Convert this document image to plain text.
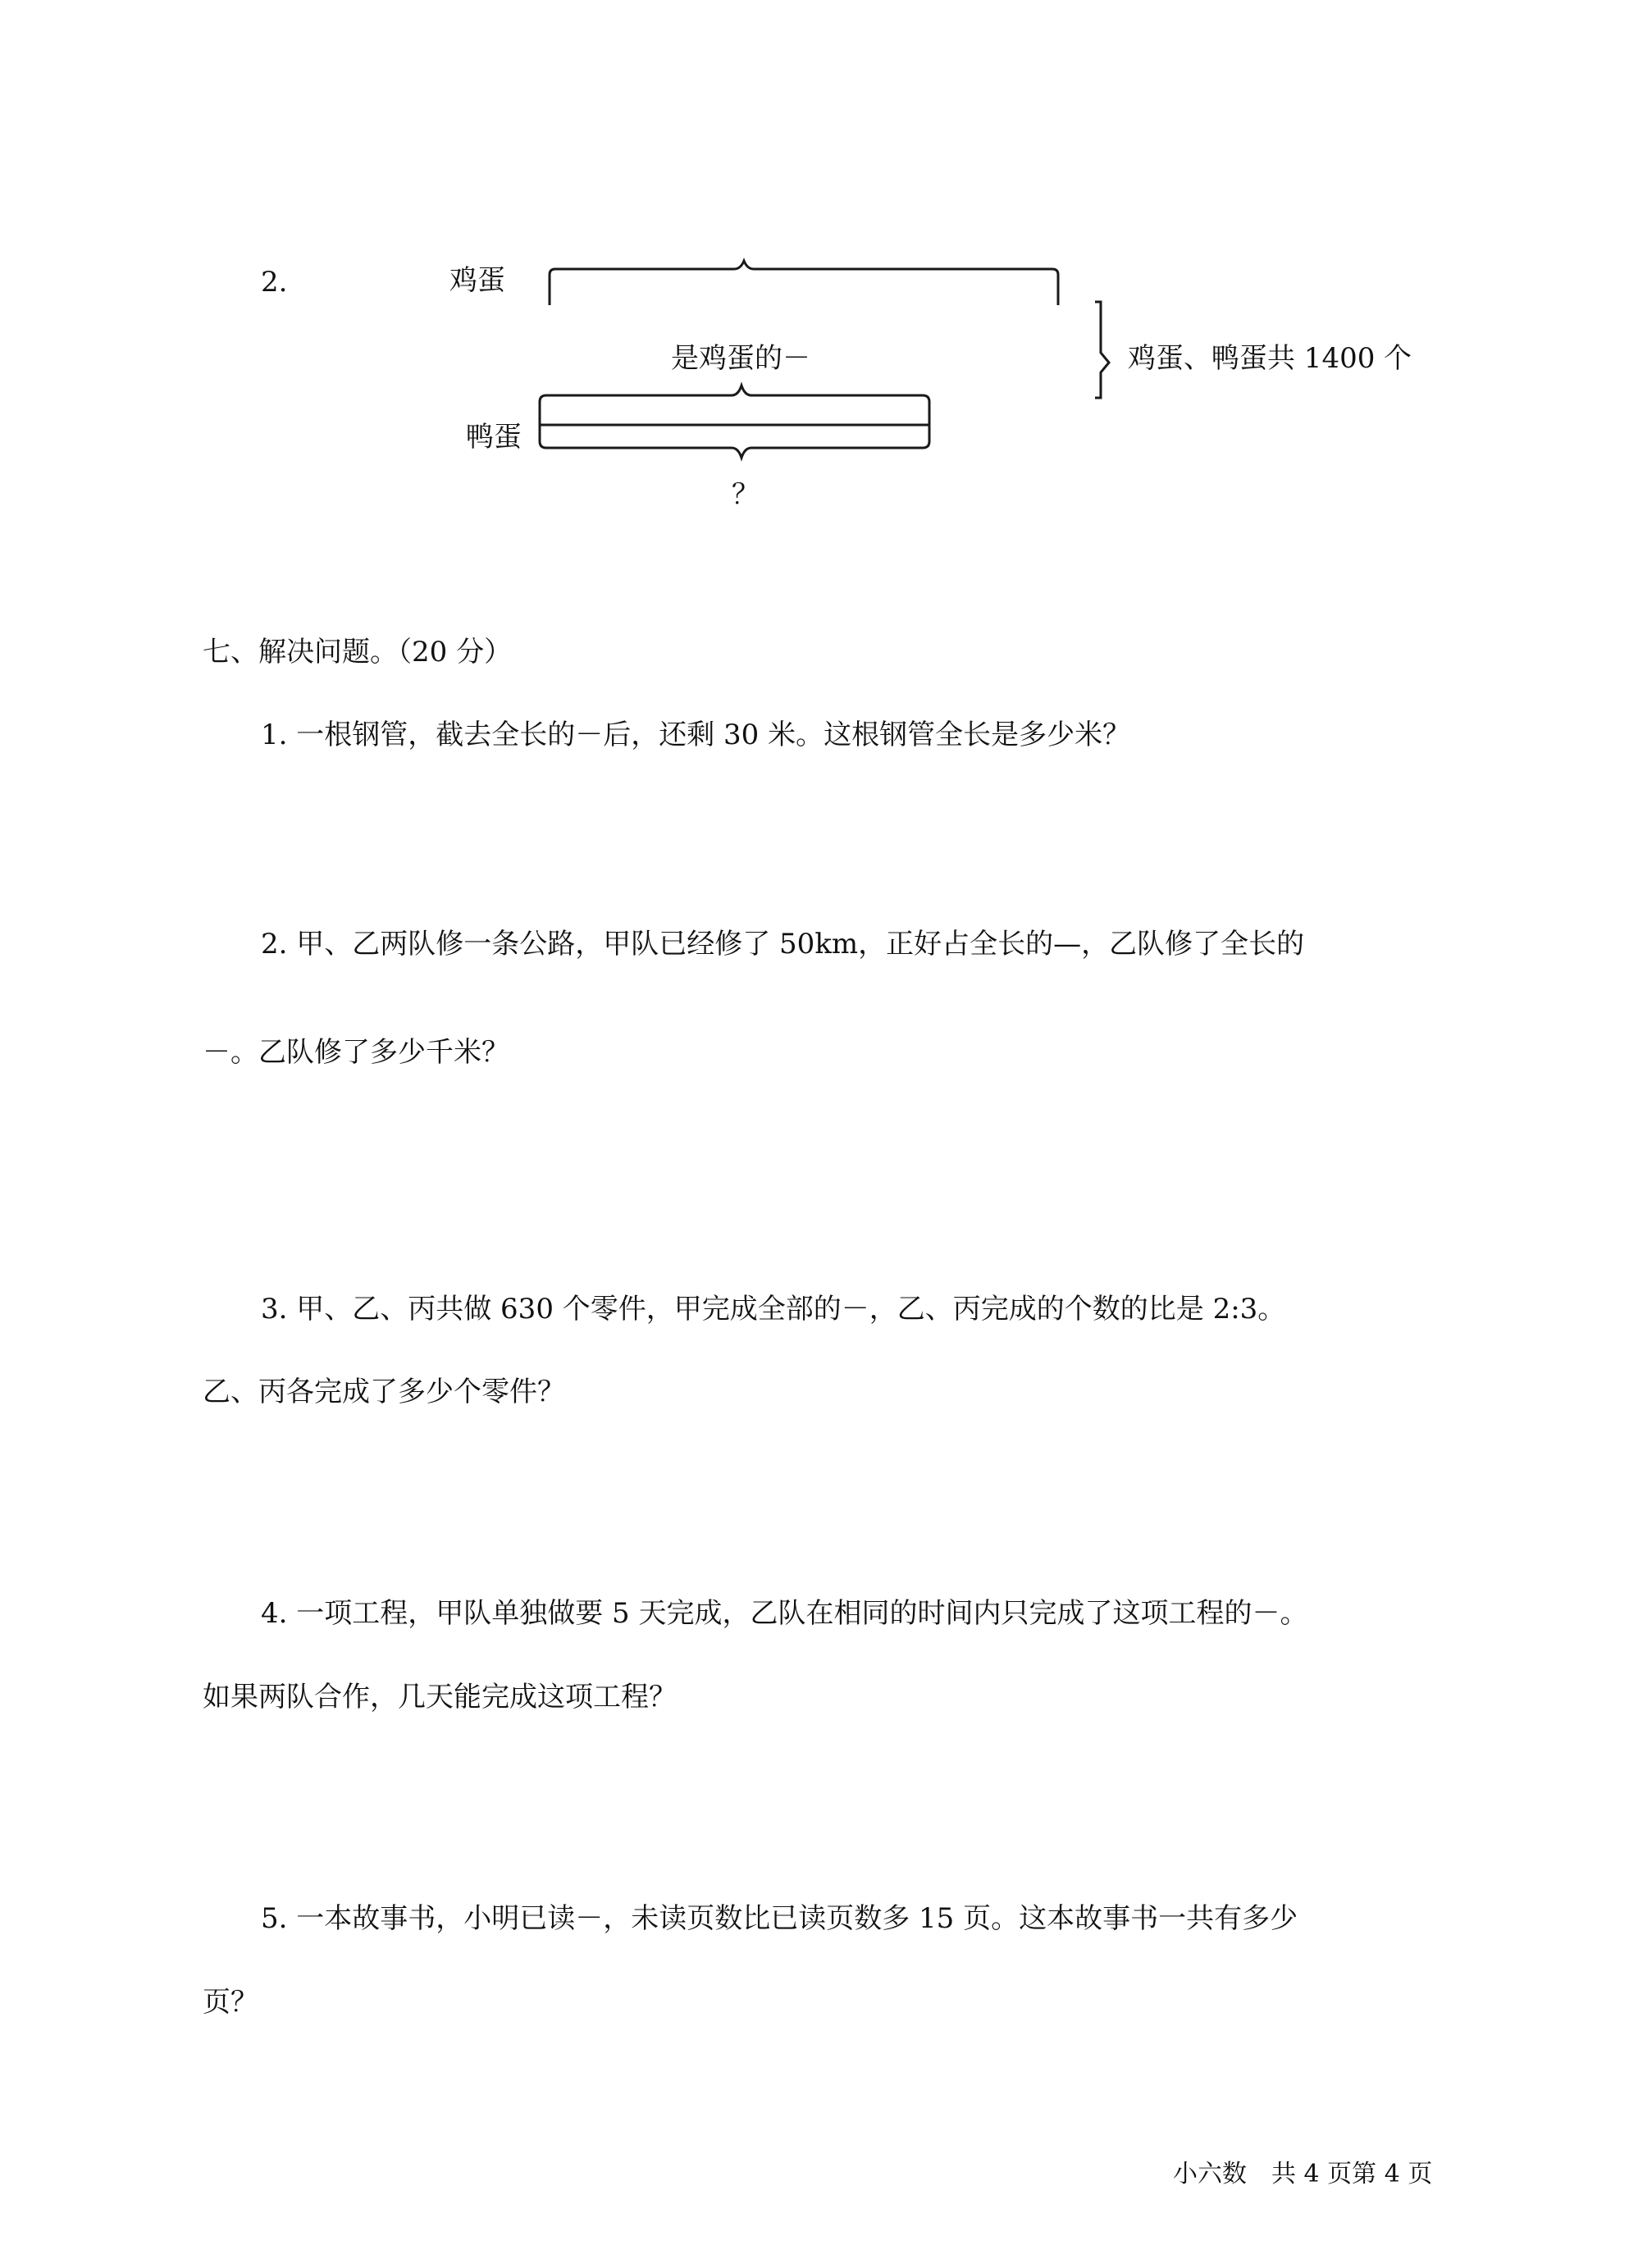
2.	鸡蛋
是鸡蛋的－	鸡蛋、鸭蛋共 1400 个
鸭蛋
？
七、解决问题。（20 分）
1. 一根钢管，截去全长的－后，还剩 30 米。这根钢管全长是多少米？
2. 甲、乙两队修一条公路，甲队已经修了 50km，正好占全长的—，乙队修了全长的
－。乙队修了多少千米？
3. 甲、乙、丙共做 630 个零件，甲完成全部的－，乙、丙完成的个数的比是 2:3。
乙、丙各完成了多少个零件？
4. 一项工程，甲队单独做要 5 天完成，乙队在相同的时间内只完成了这项工程的－。
如果两队合作，几天能完成这项工程？
5. 一本故事书，小明已读－，未读页数比已读页数多 15 页。这本故事书一共有多少
页？
小六数　共 4 页第 4 页
